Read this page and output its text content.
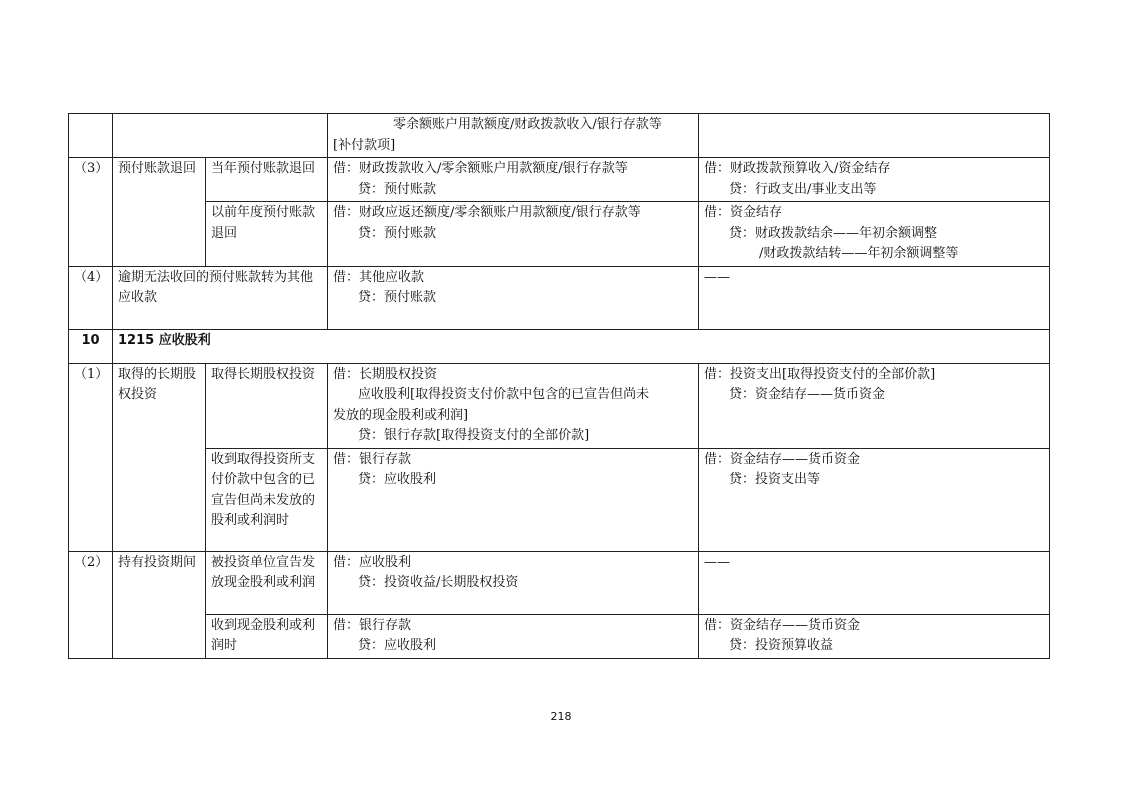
			零余额账户用款额度/财政拨款收入/银行存款等
[补付款项]	

（3）	预付账款退回	当年预付账款退回	借：财政拨款收入/零余额账户用款额度/银行存款等
贷：预付账款	借：财政拨款预算收入/资金结存
贷：行政支出/事业支出等

		以前年度预付账款退回	借：财政应返还额度/零余额账户用款额度/银行存款等
贷：预付账款	借：资金结存
贷：财政拨款结余——年初余额调整
/财政拨款结转——年初余额调整等

（4）	逾期无法收回的预付账款转为其他应收款		借：其他应收款
贷：预付账款	——
10	1215 应收股利			
（1）	取得的长期股权投资	取得长期股权投资	借：长期股权投资
应收股利[取得投资支付价款中包含的已宣告但尚未
发放的现金股利或利润]
贷：银行存款[取得投资支付的全部价款]	借：投资支出[取得投资支付的全部价款]
贷：资金结存——货币资金

		收到取得投资所支付价款中包含的已宣告但尚未发放的股利或利润时	借：银行存款
贷：应收股利	借：资金结存——货币资金
贷：投资支出等

（2）	持有投资期间	被投资单位宣告发放现金股利或利润	借：应收股利
贷：投资收益/长期股权投资	——
		收到现金股利或利润时	借：银行存款
贷：应收股利	借：资金结存——货币资金
贷：投资预算收益
218
